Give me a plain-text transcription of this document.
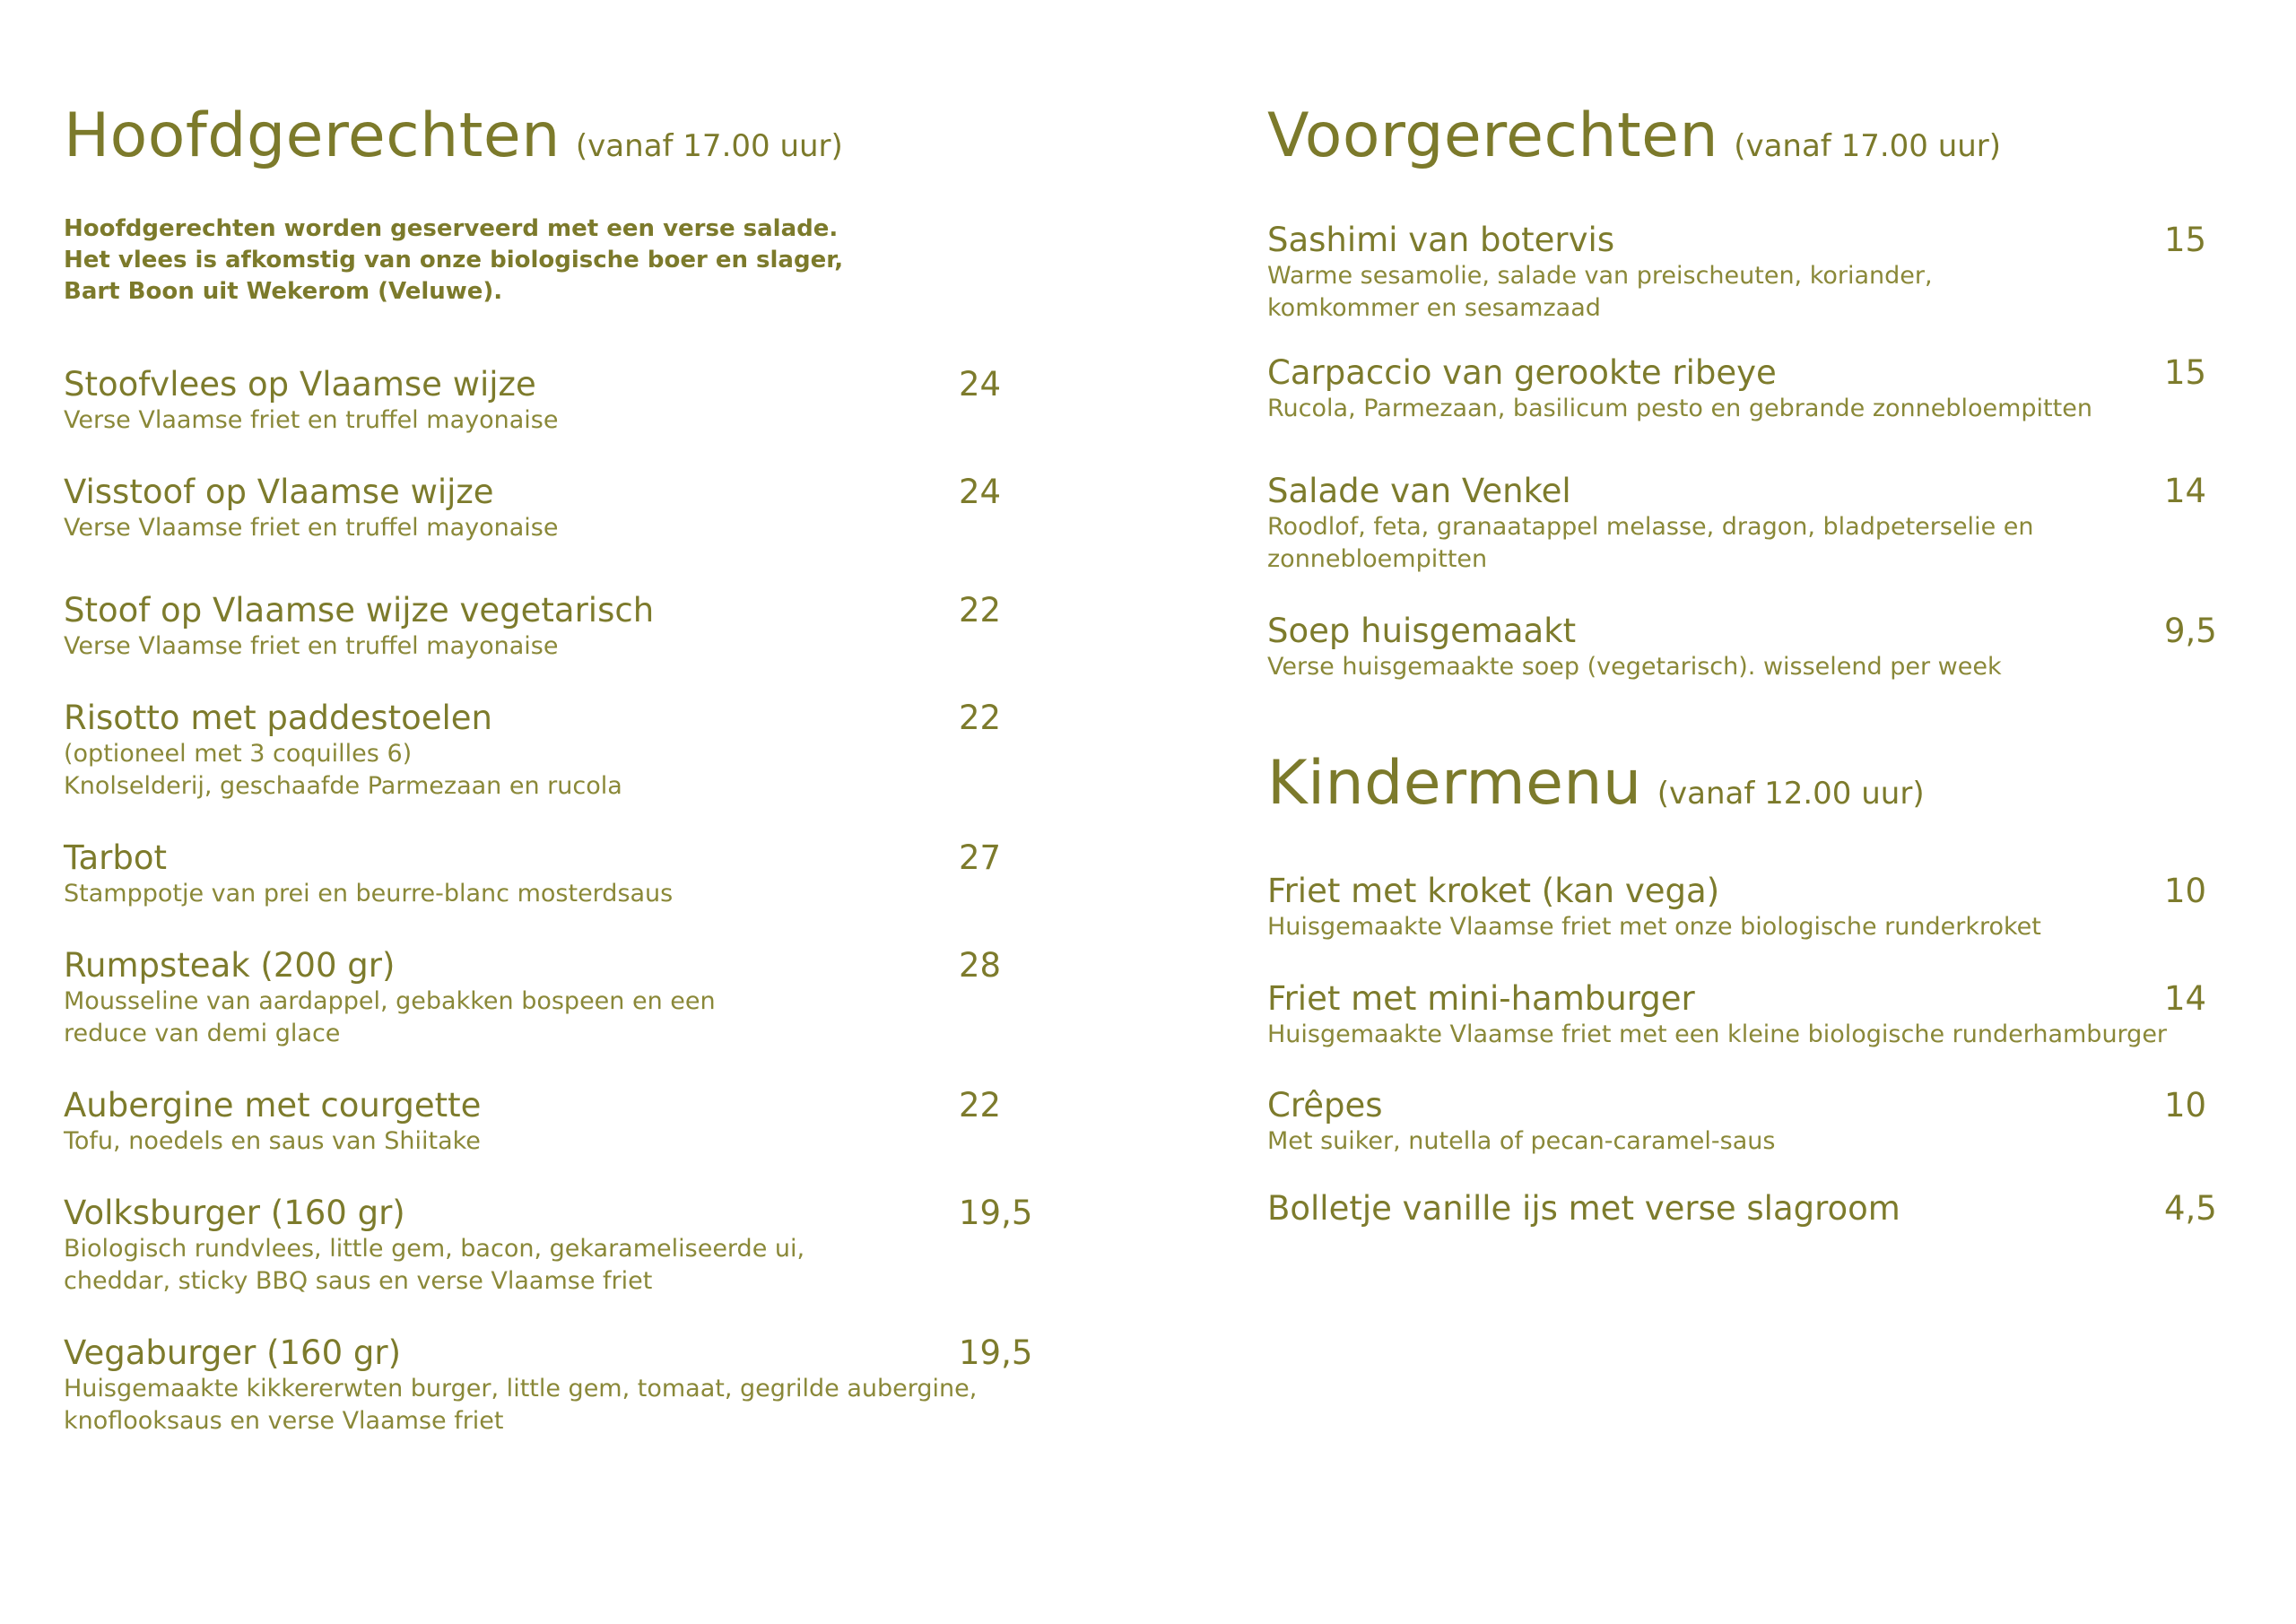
Hoofdgerechten (vanaf 17.00 uur)
Hoofdgerechten worden geserveerd met een verse salade.
Het vlees is afkomstig van onze biologische boer en slager,
Bart Boon uit Wekerom (Veluwe).
Stoofvlees op Vlaamse wijze	24
Verse Vlaamse friet en truffel mayonaise
Visstoof op Vlaamse wijze	24
Verse Vlaamse friet en truffel mayonaise
Stoof op Vlaamse wijze vegetarisch	22
Verse Vlaamse friet en truffel mayonaise
Risotto met paddestoelen	22
(optioneel met 3 coquilles 6)
Knolselderij, geschaafde Parmezaan en rucola
Tarbot	27
Stamppotje van prei en beurre-blanc mosterdsaus
Rumpsteak (200 gr)	28
Mousseline van aardappel, gebakken bospeen en een
reduce van demi glace
Aubergine met courgette	22
Tofu, noedels en saus van Shiitake
Volksburger (160 gr)	19,5
Biologisch rundvlees, little gem, bacon, gekarameliseerde ui,
cheddar, sticky BBQ saus en verse Vlaamse friet
Vegaburger (160 gr)	19,5
Huisgemaakte kikkererwten burger, little gem, tomaat, gegrilde aubergine,
knoflooksaus en verse Vlaamse friet
Voorgerechten (vanaf 17.00 uur)
Sashimi van botervis	15
Warme sesamolie, salade van preischeuten, koriander,
komkommer en sesamzaad
Carpaccio van gerookte ribeye	15
Rucola, Parmezaan, basilicum pesto en gebrande zonnebloempitten
Salade van Venkel	14
Roodlof, feta, granaatappel melasse, dragon, bladpeterselie en
zonnebloempitten
Soep huisgemaakt	9,5
Verse huisgemaakte soep (vegetarisch). wisselend per week
Kindermenu (vanaf 12.00 uur)
Friet met kroket (kan vega)	10
Huisgemaakte Vlaamse friet met onze biologische runderkroket
Friet met mini-hamburger	14
Huisgemaakte Vlaamse friet met een kleine biologische runderhamburger
Crêpes	10
Met suiker, nutella of pecan-caramel-saus
Bolletje vanille ijs met verse slagroom	4,5
